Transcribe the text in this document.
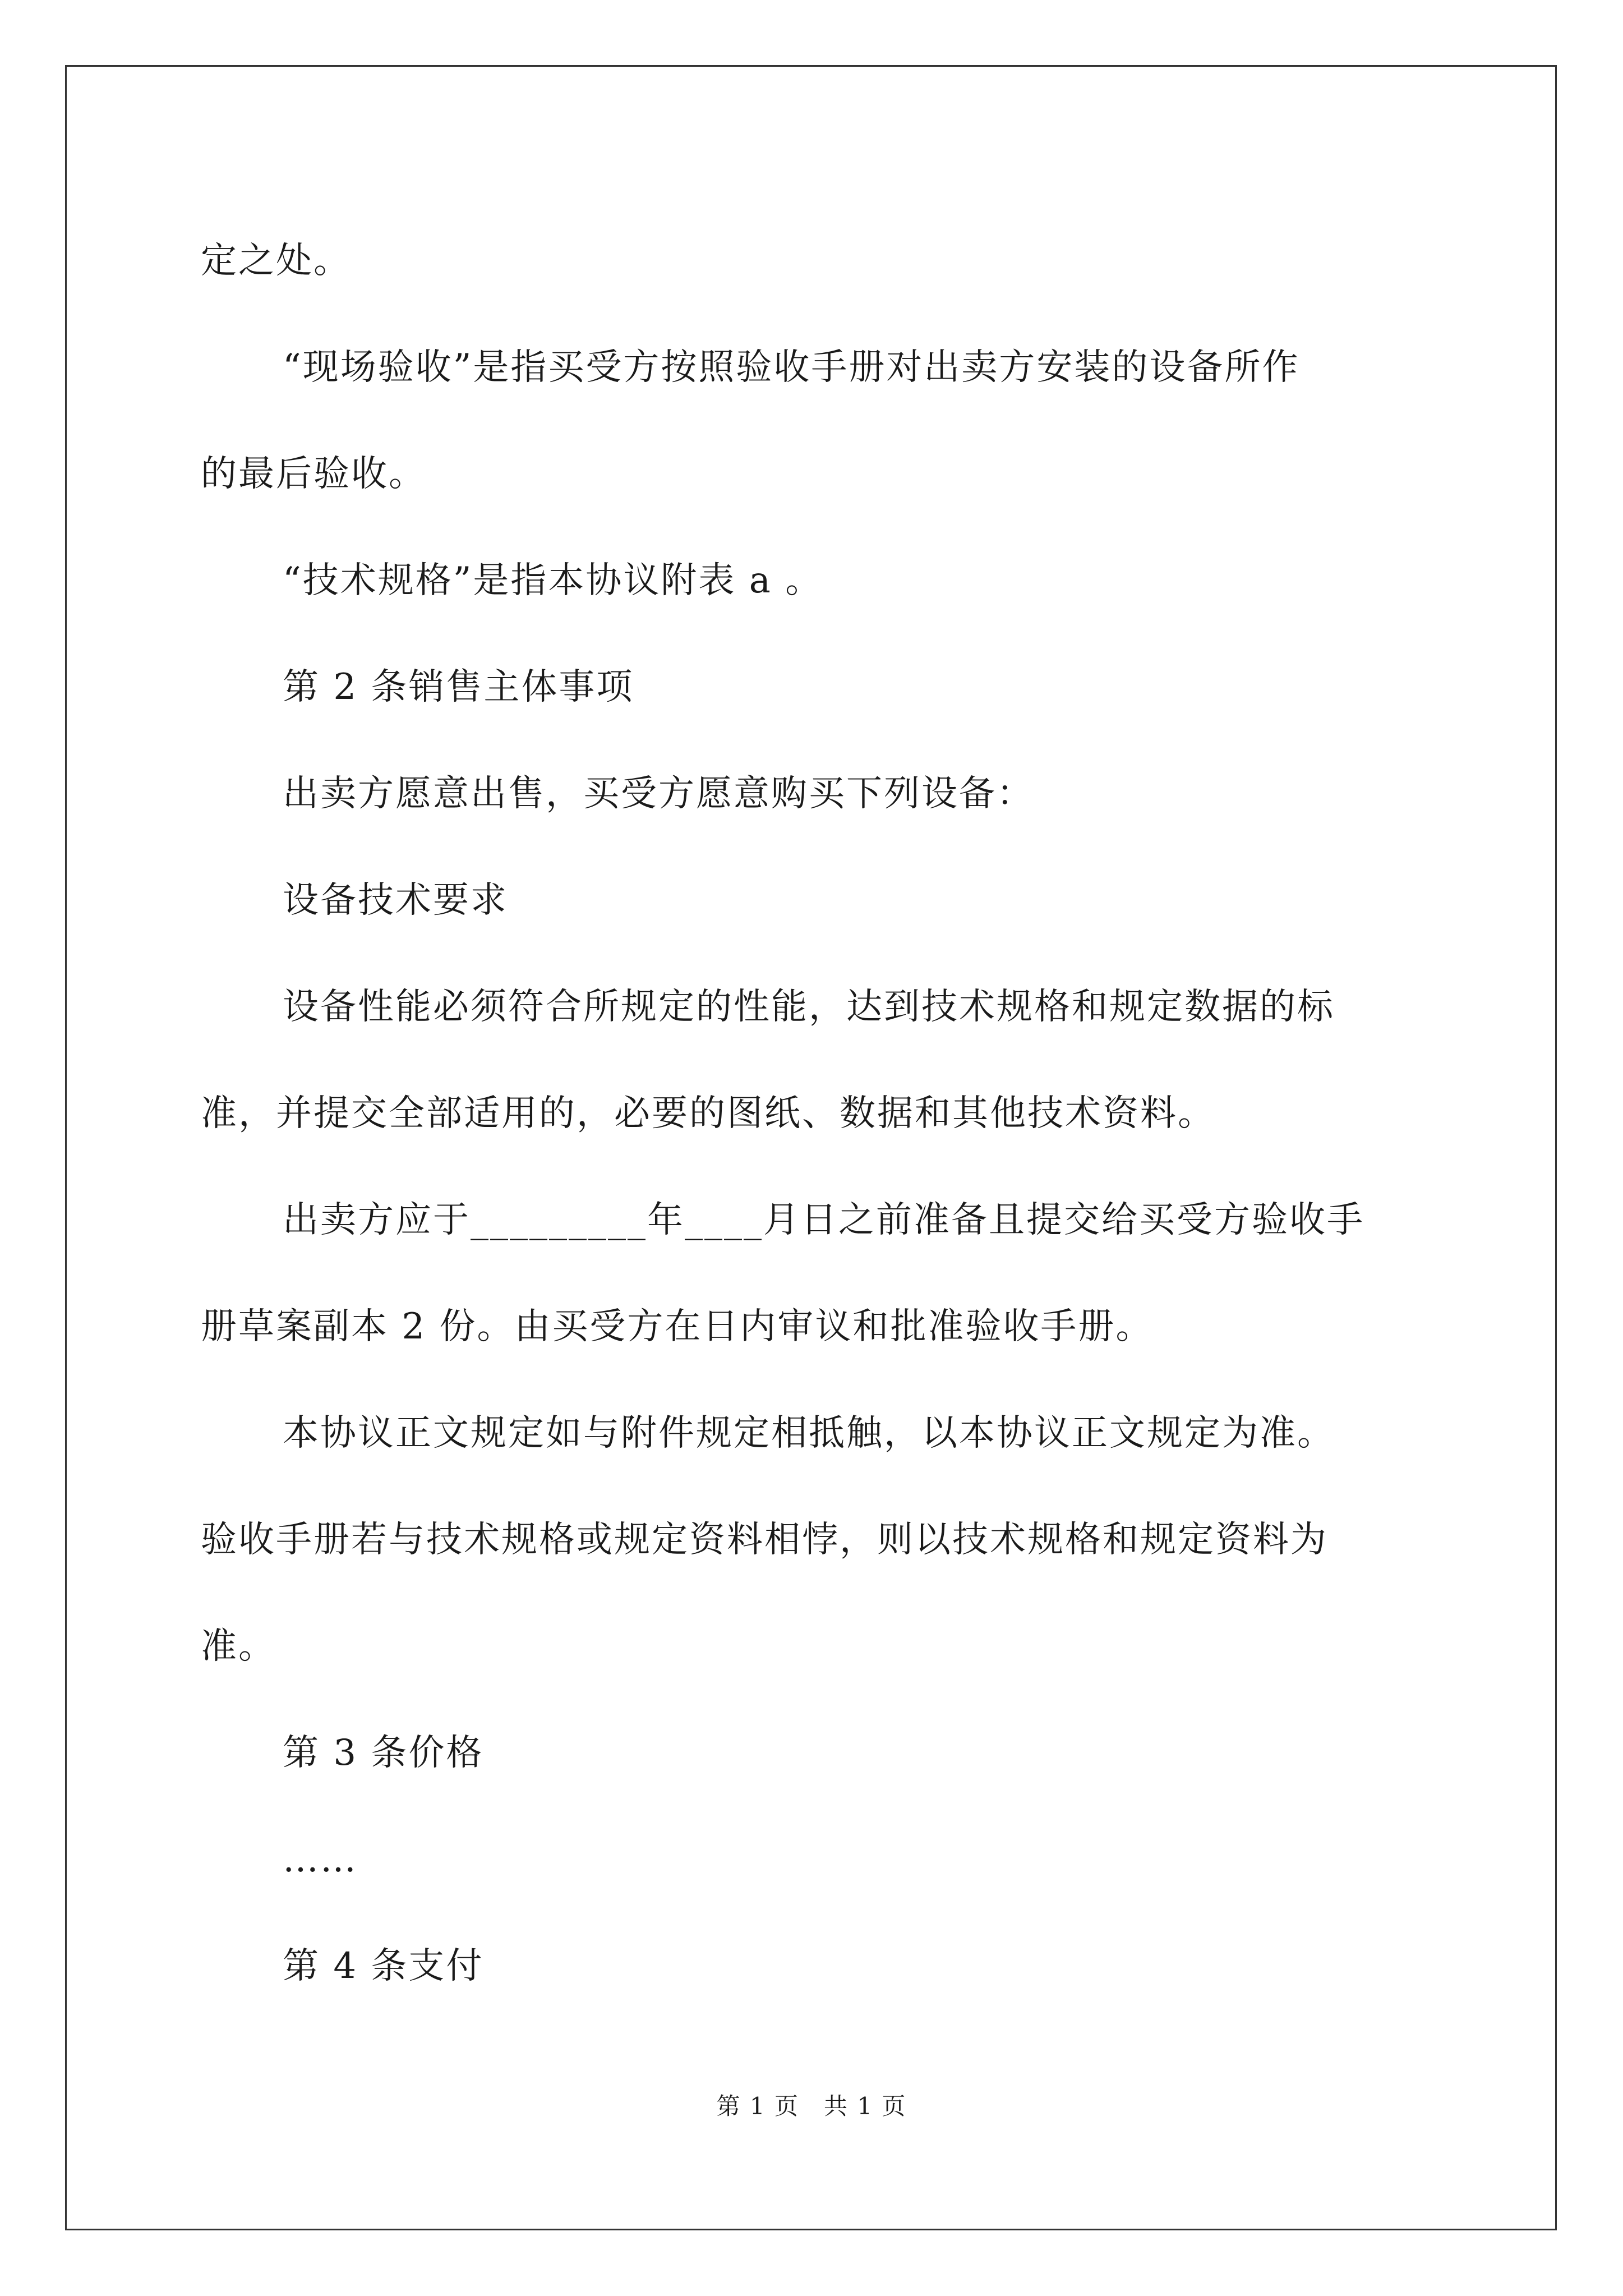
定之处。

“现场验收”是指买受方按照验收手册对出卖方安装的设备所作

的最后验收。

“技术规格”是指本协议附表 a 。

第 2 条销售主体事项

出卖方愿意出售，买受方愿意购买下列设备：

设备技术要求

设备性能必须符合所规定的性能，达到技术规格和规定数据的标

准，并提交全部适用的，必要的图纸、数据和其他技术资料。

出卖方应于_________年____月日之前准备且提交给买受方验收手

册草案副本 2 份。由买受方在日内审议和批准验收手册。

本协议正文规定如与附件规定相抵触，以本协议正文规定为准。

验收手册若与技术规格或规定资料相悖，则以技术规格和规定资料为

准。

第 3 条价格

……

第 4 条支付

第 1 页　共 1 页
